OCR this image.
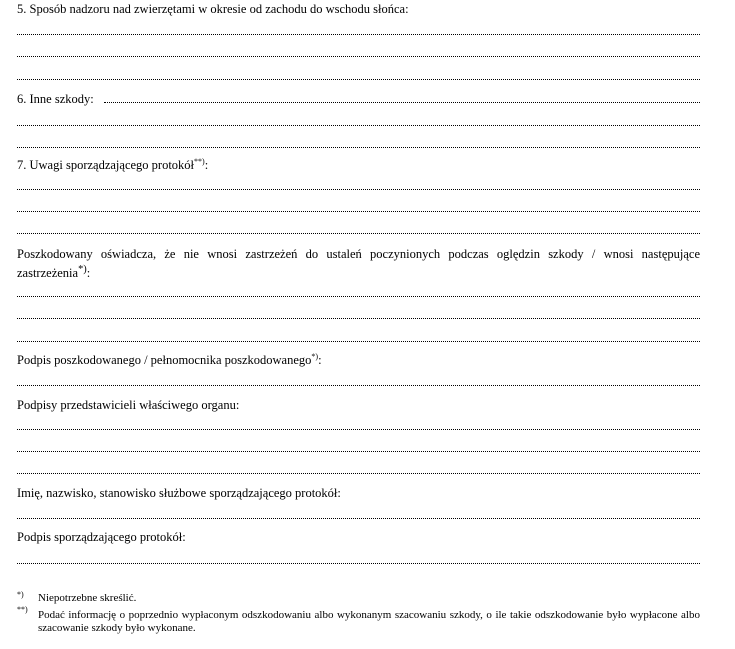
5. Sposób nadzoru nad zwierzętami w okresie od zachodu do wschodu słońca:
6. Inne szkody:
7. Uwagi sporządzającego protokół**):
Poszkodowany oświadcza, że nie wnosi zastrzeżeń do ustaleń poczynionych podczas oględzin szkody / wnosi następujące zastrzeżenia*):
Podpis poszkodowanego / pełnomocnika poszkodowanego*):
Podpisy przedstawicieli właściwego organu:
Imię, nazwisko, stanowisko służbowe sporządzającego protokół:
Podpis sporządzającego protokół:
*) Niepotrzebne skreślić.
**) Podać informację o poprzednio wypłaconym odszkodowaniu albo wykonanym szacowaniu szkody, o ile takie odszkodowanie było wypłacone albo szacowanie szkody było wykonane.
